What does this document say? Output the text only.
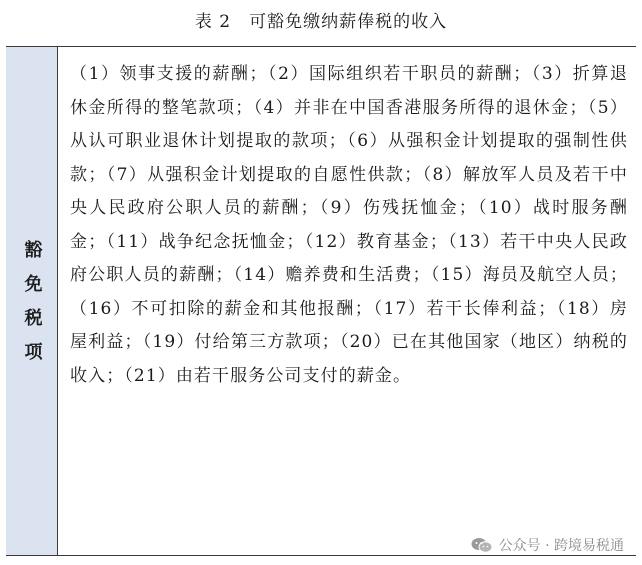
表 2　可豁免缴纳薪俸税的收入
豁免税项

（1）领事支援的薪酬；（2）国际组织若干职员的薪酬；（3）折算退休金所得的整笔款项；（4）并非在中国香港服务所得的退休金；（5）从认可职业退休计划提取的款项；（6）从强积金计划提取的强制性供款；（7）从强积金计划提取的自愿性供款；（8）解放军人员及若干中央人民政府公职人员的薪酬；（9）伤残抚恤金；（10）战时服务酬金；（11）战争纪念抚恤金；（12）教育基金；（13）若干中央人民政府公职人员的薪酬；（14）赡养费和生活费；（15）海员及航空人员；（16）不可扣除的薪金和其他报酬；（17）若干长俸利益；（18）房屋利益；（19）付给第三方款项；（20）已在其他国家（地区）纳税的收入；（21）由若干服务公司支付的薪金。

公众号 · 跨境易税通
